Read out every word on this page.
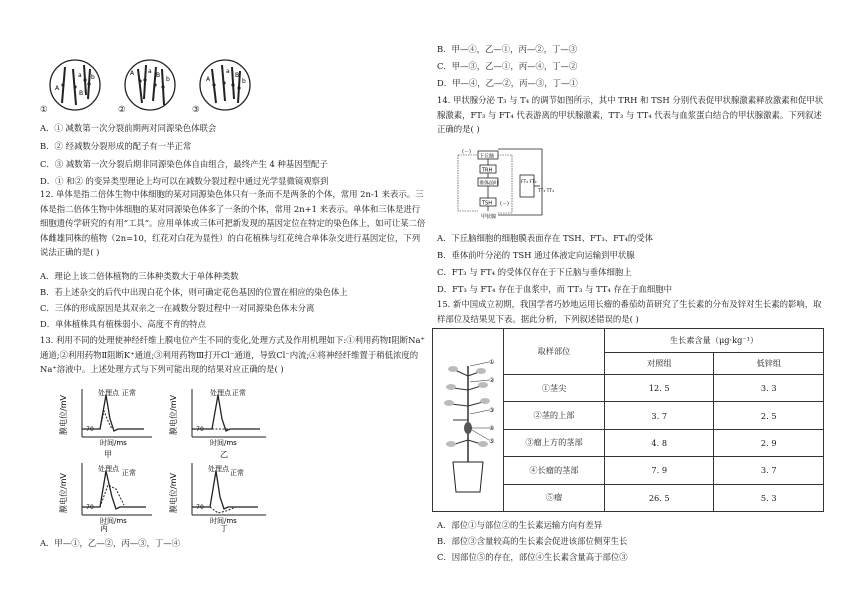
A
a
B
b
A a
B
b	A
a
B
b
①	②	③
A．① 减数第一次分裂前期两对同源染色体联会
B．② 经减数分裂形成的配子有一半正常
C．③ 减数第一次分裂后期非同源染色体自由组合，最终产生 4 种基因型配子
D．① 和② 的变异类型理论上均可以在减数分裂过程中通过光学显微镜观察到
12. 单体是指二倍体生物中体细胞的某对同源染色体只有一条而不是两条的个体，常用 2n-1 来表示。三体是指二倍体生物中体细胞的某对同源染色体多了一条的个体，常用 2n+1 来表示。单体和三体是进行细胞遗传学研究的有用“工具”。应用单体或三体可把新发现的基因定位在特定的染色体上，如可让某二倍体雌雄同株的植物（2n=10，红花对白花为显性）的白花植株与红花纯合单体杂交进行基因定位，下列说法正确的是( )
A．理论上该二倍体植物的三体种类数大于单体种类数
B．若上述杂交的后代中出现白花个体，则可确定花色基因的位置在相应的染色体上
C．三体的形成原因是其双亲之一在减数分裂过程中一对同源染色体未分离
D．单体植株具有植株弱小、高度不育的特点
13. 利用不同的处理使神经纤维上膜电位产生不同的变化,处理方式及作用机理如下:①利用药物Ⅰ阻断Na⁺通道;②利用药物Ⅱ阻断K⁺通道;③利用药物Ⅲ打开Cl⁻通道，导致Cl⁻内流;④将神经纤维置于稍低浓度的Na⁺溶液中。上述处理方式与下列可能出现的结果对应正确的是( )
膜电位/mV	-70
处理点 正常
时间/ms
甲
膜电位/mV	-70
处理点 正常
时间/ms
乙
膜电位/mV	-70
处理点 正常
时间/ms
丙
膜电位/mV	-70
处理点 正常
时间/ms
丁
A．甲—①，乙—②，丙—③，丁—④
B．甲—④，乙—①，丙—②，丁—③
C．甲—③，乙—①，丙—④，丁—②
D．甲—④，乙—②，丙—③，丁—①
14. 甲状腺分泌 T₃ 与 T₄ 的调节如图所示，其中 TRH 和 TSH 分别代表促甲状腺激素释放激素和促甲状腺激素，FT₃ 与 FT₄ 代表游离的甲状腺激素，TT₃ 与 TT₄ 代表与血浆蛋白结合的甲状腺激素。下列叙述正确的是( )
下丘脑
TRH
垂体前叶
TSH
甲状腺
FT₃ FT₄
TT₃ TT₄
(－)
(－)
A．下丘脑细胞的细胞膜表面存在 TSH、FT₃、FT₄的受体
B．垂体前叶分泌的 TSH 通过体液定向运输到甲状腺
C．FT₃ 与 FT₄ 的受体仅存在于下丘脑与垂体细胞上
D．FT₃ 与 FT₄ 存在于血浆中，而 TT₃ 与 TT₄ 存在于血细胞中
15. 新中国成立初期，我国学者巧妙地运用长瘤的番茄幼苗研究了生长素的分布及锌对生长素的影响，取样部位及结果见下表。据此分析，下列叙述错误的是( )
①
②
③
④
⑤	取样部位	生长素含量（μg·kg⁻¹）	
		对照组	低锌组
	①茎尖	12. 5	3. 3
	②茎的上部	3. 7	2. 5
	③瘤上方的茎部	4. 8	2. 9
	④长瘤的茎部	7. 9	3. 7
	⑤瘤	26. 5	5. 3
A．部位①与部位②的生长素运输方向有差异
B．部位③含量较高的生长素会促进该部位侧芽生长
C．因部位⑤的存在，部位④生长素含量高于部位③
